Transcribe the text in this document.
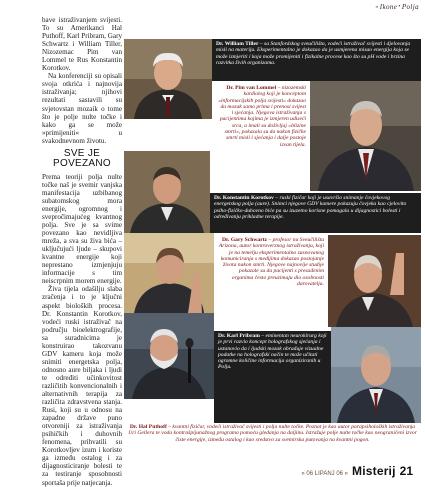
» Ikone • Polja

bave istraživanjem svijesti. To su Amerikanci Hal Puthoff, Karl Pribram, Gary Schwartz i William Tiller, Nizozemac Pim van Lommel te Rus Konstantin Korotkov.

Na konferenciji su opisali svoja otkrića i najnovija istraživanja; njihovi rezultati sastavili su svjetovstan mozaik o tome što je polje nulte točke i kako ga se može »primijeniti« u svakodnevnom životu.

SVE JE POVEZANO

Prema teoriji polja nulte točke naš je svemir vanjska manifestacija uzbibanog subatomskog mora energije, ogromnog i svepročimajućeg kvantnog polja. Sve je sa svime povezano kao nevidljiva mreža, a sva su živa bića – uključujući ljude – skupovi kvantne energije koji neprestano izmjenjuju informacije s tim neiscrpnim morem energije.

Živa tijela odašilju slaba zračenja i to je ključni aspekt bioloških procesa. Dr. Konstantin Korotkov, vodeći ruski istraživač na području bioelektrografije, sa suradnicima je konstruirao takozvanu GDV kameru koja može snimiti energetska polja, odnosno aure biljaka i ljudi te određiti učinkovitost različitih konvencionalnih i alternativnih terapija za različita zdravstvena stanja. Rusi, koji su u odnosu na zapadne države puno otvoreniji za istraživanja psihičkih i duhovnih fenomena, prihvatili su Korotkovljev izum i koriste ga između ostalog i za dijagnosticiranje bolesti te za testiranje sposobnosti sportaša prije natjecanja.

Dr. William Tiller – sa Stanfordskog sveučilišta, vodeći istraživač svijesti i djelovanja misli na materiju. Eksperimentalno je dokazao da je usmjerena misao energija koja se može izmjeriti i koja može promijeniti i fizikalne procese kao što su pH vode i brzina razvitka živih organizama.
Dr. Pim van Lommel – nizozemski kardiolog koji je konceptom »informacijskih polja svijesti« dokazao da mozak samo prima i prenosi svijest i sjećanja. Njegova istraživanja s pacijentima kojima je izmjeren udiseći srca, a imali su doživljaj »blizine smrti«, pokazala su da nakon fizičke smrti misli i sjećanja i dalje postoje izvan tijela.
Dr. Konstantin Korotkov – ruski fizičar koji je usavršio snimanje čovjekovog energetskog polja (aure). Snimci njegove GDV kamere pokazuju čovjeka kao cjelovito psiho-fizičko-duhovno biće pa su izuzetno korisne pomagala u dijagnostici bolesti i određivanju prikladne terapije.
Dr. Gary Schwartz – profesor na Sveučilištu Arizona, autor kontroverznog istraživanja, koji je na temelju eksperimentalno zasnovanog komuniciranja s medijima dokazao postojanje života nakon smrti. Njegove najnovije studije pokazale su da pacijenti s presađenim organima često preuzimaju dio osobnosti darovatelja.
Dr. Karl Pribram – eminentan neurokirurg koji je prvi razvio koncept holografskog sjećanja i ustanovio da i ljudski mozak obrađuje vizualne podatke na holografski način te može učitati ogromne količine informacija organiziranih u Polju.
Dr. Hal Puthoff – kvantni fizičar, vodeći istraživač svijesti i polja nulte točke. Poznat je kao autor parapsiholoških istraživanja Uri Gellera te voda kontrašpijunažnog programa pomoću gledanja na daljinu. Istražuje polje nulte točke kao neograničeni izvor čiste energije, između ostalog i kao sredstvo za svemirska putovanja na kvantni pogon.
» 06 LIPANJ 06 « Misterij 21
